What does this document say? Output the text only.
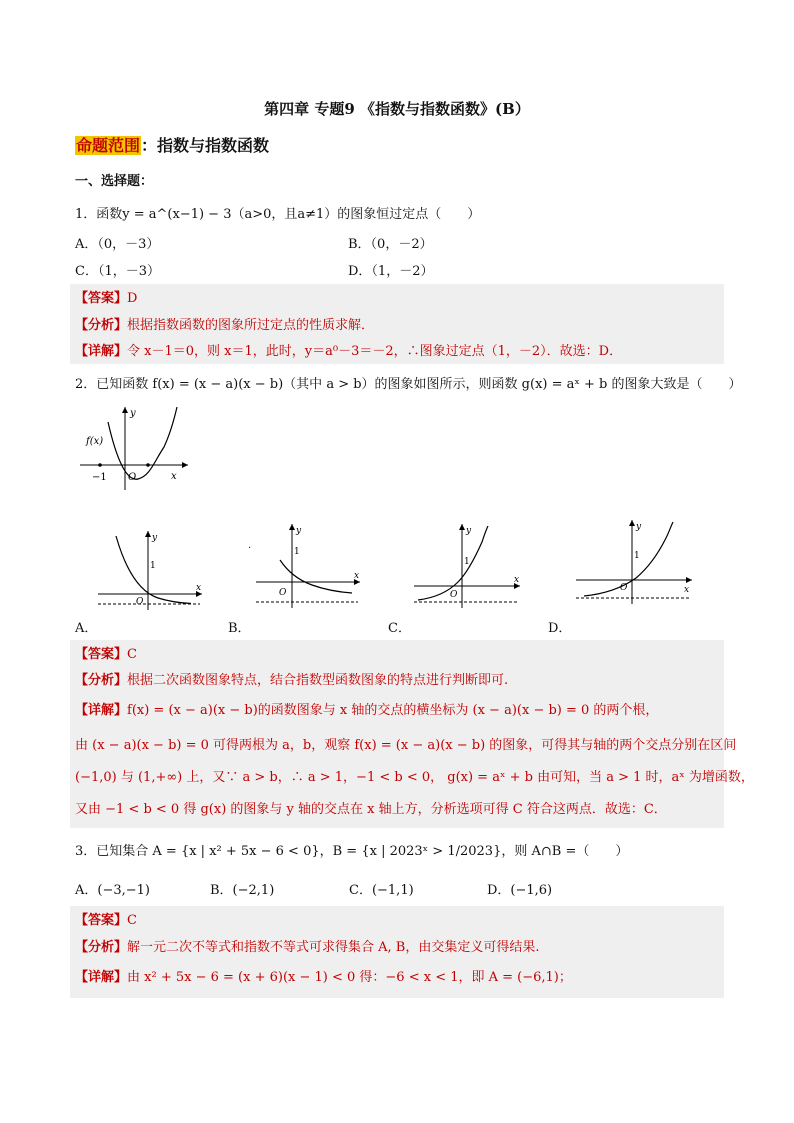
第四章 专题9 《指数与指数函数》(B）
命题范围：指数与指数函数
一、选择题：
1．函数y = a^(x−1) − 3（a>0，且a≠1）的图象恒过定点（　　）
A．（0，－3）	B．（0，－2）
C．（1，－3）	D．（1，－2）
【答案】D
【分析】根据指数函数的图象所过定点的性质求解．
【详解】令 x－1＝0，则 x＝1，此时，y＝a⁰－3＝－2，∴图象过定点（1，－2）．故选：D．
2．已知函数 f(x) = (x − a)(x − b)（其中 a > b）的图象如图所示，则函数 g(x) = aˣ + b 的图象大致是（　　）
y
x
f(x)
−1 O
y
x
1
O
.
y
x
1
O
y
x
1
O
y
x
1
O
A．	B．	C．	D．
【答案】C
【分析】根据二次函数图象特点，结合指数型函数图象的特点进行判断即可.
【详解】f(x) = (x − a)(x − b)的函数图象与 x 轴的交点的横坐标为 (x − a)(x − b) = 0 的两个根，
由 (x − a)(x − b) = 0 可得两根为 a，b，观察 f(x) = (x − a)(x − b) 的图象，可得其与轴的两个交点分别在区间
(−1,0) 与 (1,+∞) 上，又∵ a > b，∴ a > 1，−1 < b < 0， g(x) = aˣ + b 由可知，当 a > 1 时，aˣ 为增函数，
又由 −1 < b < 0 得 g(x) 的图象与 y 轴的交点在 x 轴上方，分析选项可得 C 符合这两点．故选：C．
3．已知集合 A = {x | x² + 5x − 6 < 0}，B = {x | 2023ˣ > 1/2023}，则 A∩B =（　　）
A．(−3,−1)	B．(−2,1)	C．(−1,1)	D．(−1,6)
【答案】C
【分析】解一元二次不等式和指数不等式可求得集合 A, B，由交集定义可得结果.
【详解】由 x² + 5x − 6 = (x + 6)(x − 1) < 0 得：−6 < x < 1，即 A = (−6,1)；
